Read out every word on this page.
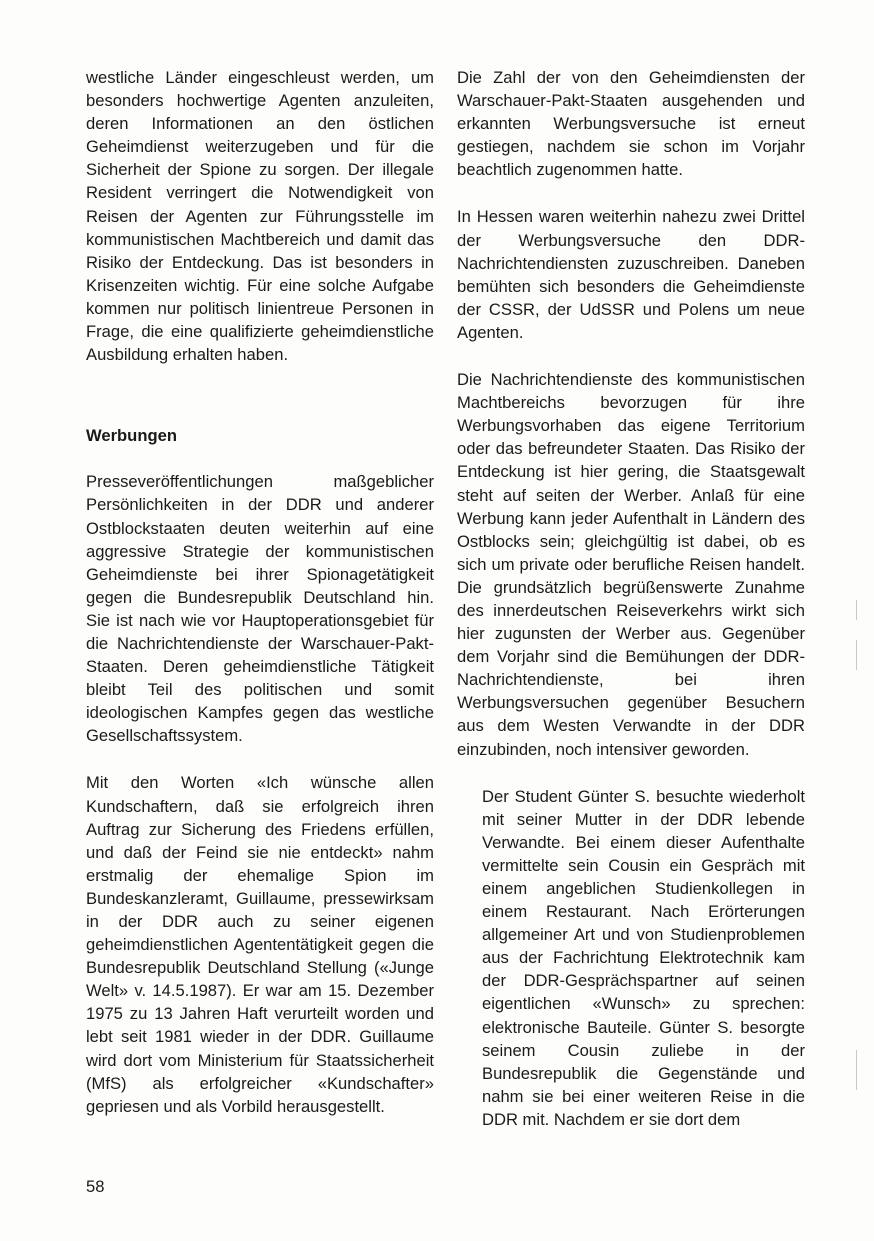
westliche Länder eingeschleust werden, um besonders hochwertige Agenten anzuleiten, deren Informationen an den östlichen Geheimdienst weiterzugeben und für die Sicherheit der Spione zu sorgen. Der illegale Resident verringert die Notwendigkeit von Reisen der Agenten zur Führungsstelle im kommunistischen Machtbereich und damit das Risiko der Entdeckung. Das ist besonders in Krisenzeiten wichtig. Für eine solche Aufgabe kommen nur politisch linientreue Personen in Frage, die eine qualifizierte geheimdienstliche Ausbildung erhalten haben.

Werbungen

Presseveröffentlichungen maßgeblicher Persönlichkeiten in der DDR und anderer Ostblockstaaten deuten weiterhin auf eine aggressive Strategie der kommunistischen Geheimdienste bei ihrer Spionagetätigkeit gegen die Bundesrepublik Deutschland hin. Sie ist nach wie vor Hauptoperationsgebiet für die Nachrichtendienste der Warschauer-Pakt-Staaten. Deren geheimdienstliche Tätigkeit bleibt Teil des politischen und somit ideologischen Kampfes gegen das westliche Gesellschaftssystem.

Mit den Worten «Ich wünsche allen Kundschaftern, daß sie erfolgreich ihren Auftrag zur Sicherung des Friedens erfüllen, und daß der Feind sie nie entdeckt» nahm erstmalig der ehemalige Spion im Bundeskanzleramt, Guillaume, pressewirksam in der DDR auch zu seiner eigenen geheimdienstlichen Agententätigkeit gegen die Bundesrepublik Deutschland Stellung («Junge Welt» v. 14.5.1987). Er war am 15. Dezember 1975 zu 13 Jahren Haft verurteilt worden und lebt seit 1981 wieder in der DDR. Guillaume wird dort vom Ministerium für Staatssicherheit (MfS) als erfolgreicher «Kundschafter» gepriesen und als Vorbild herausgestellt.

Die Zahl der von den Geheimdiensten der Warschauer-Pakt-Staaten ausgehenden und erkannten Werbungsversuche ist erneut gestiegen, nachdem sie schon im Vorjahr beachtlich zugenommen hatte.

In Hessen waren weiterhin nahezu zwei Drittel der Werbungsversuche den DDR-Nachrichtendiensten zuzuschreiben. Daneben bemühten sich besonders die Geheimdienste der CSSR, der UdSSR und Polens um neue Agenten.

Die Nachrichtendienste des kommunistischen Machtbereichs bevorzugen für ihre Werbungsvorhaben das eigene Territorium oder das befreundeter Staaten. Das Risiko der Entdeckung ist hier gering, die Staatsgewalt steht auf seiten der Werber. Anlaß für eine Werbung kann jeder Aufenthalt in Ländern des Ostblocks sein; gleichgültig ist dabei, ob es sich um private oder berufliche Reisen handelt. Die grundsätzlich begrüßenswerte Zunahme des innerdeutschen Reiseverkehrs wirkt sich hier zugunsten der Werber aus. Gegenüber dem Vorjahr sind die Bemühungen der DDR-Nachrichtendienste, bei ihren Werbungsversuchen gegenüber Besuchern aus dem Westen Verwandte in der DDR einzubinden, noch intensiver geworden.

Der Student Günter S. besuchte wiederholt mit seiner Mutter in der DDR lebende Verwandte. Bei einem dieser Aufenthalte vermittelte sein Cousin ein Gespräch mit einem angeblichen Studienkollegen in einem Restaurant. Nach Erörterungen allgemeiner Art und von Studienproblemen aus der Fachrichtung Elektrotechnik kam der DDR-Gesprächspartner auf seinen eigentlichen «Wunsch» zu sprechen: elektronische Bauteile. Günter S. besorgte seinem Cousin zuliebe in der Bundesrepublik die Gegenstände und nahm sie bei einer weiteren Reise in die DDR mit. Nachdem er sie dort dem

58
